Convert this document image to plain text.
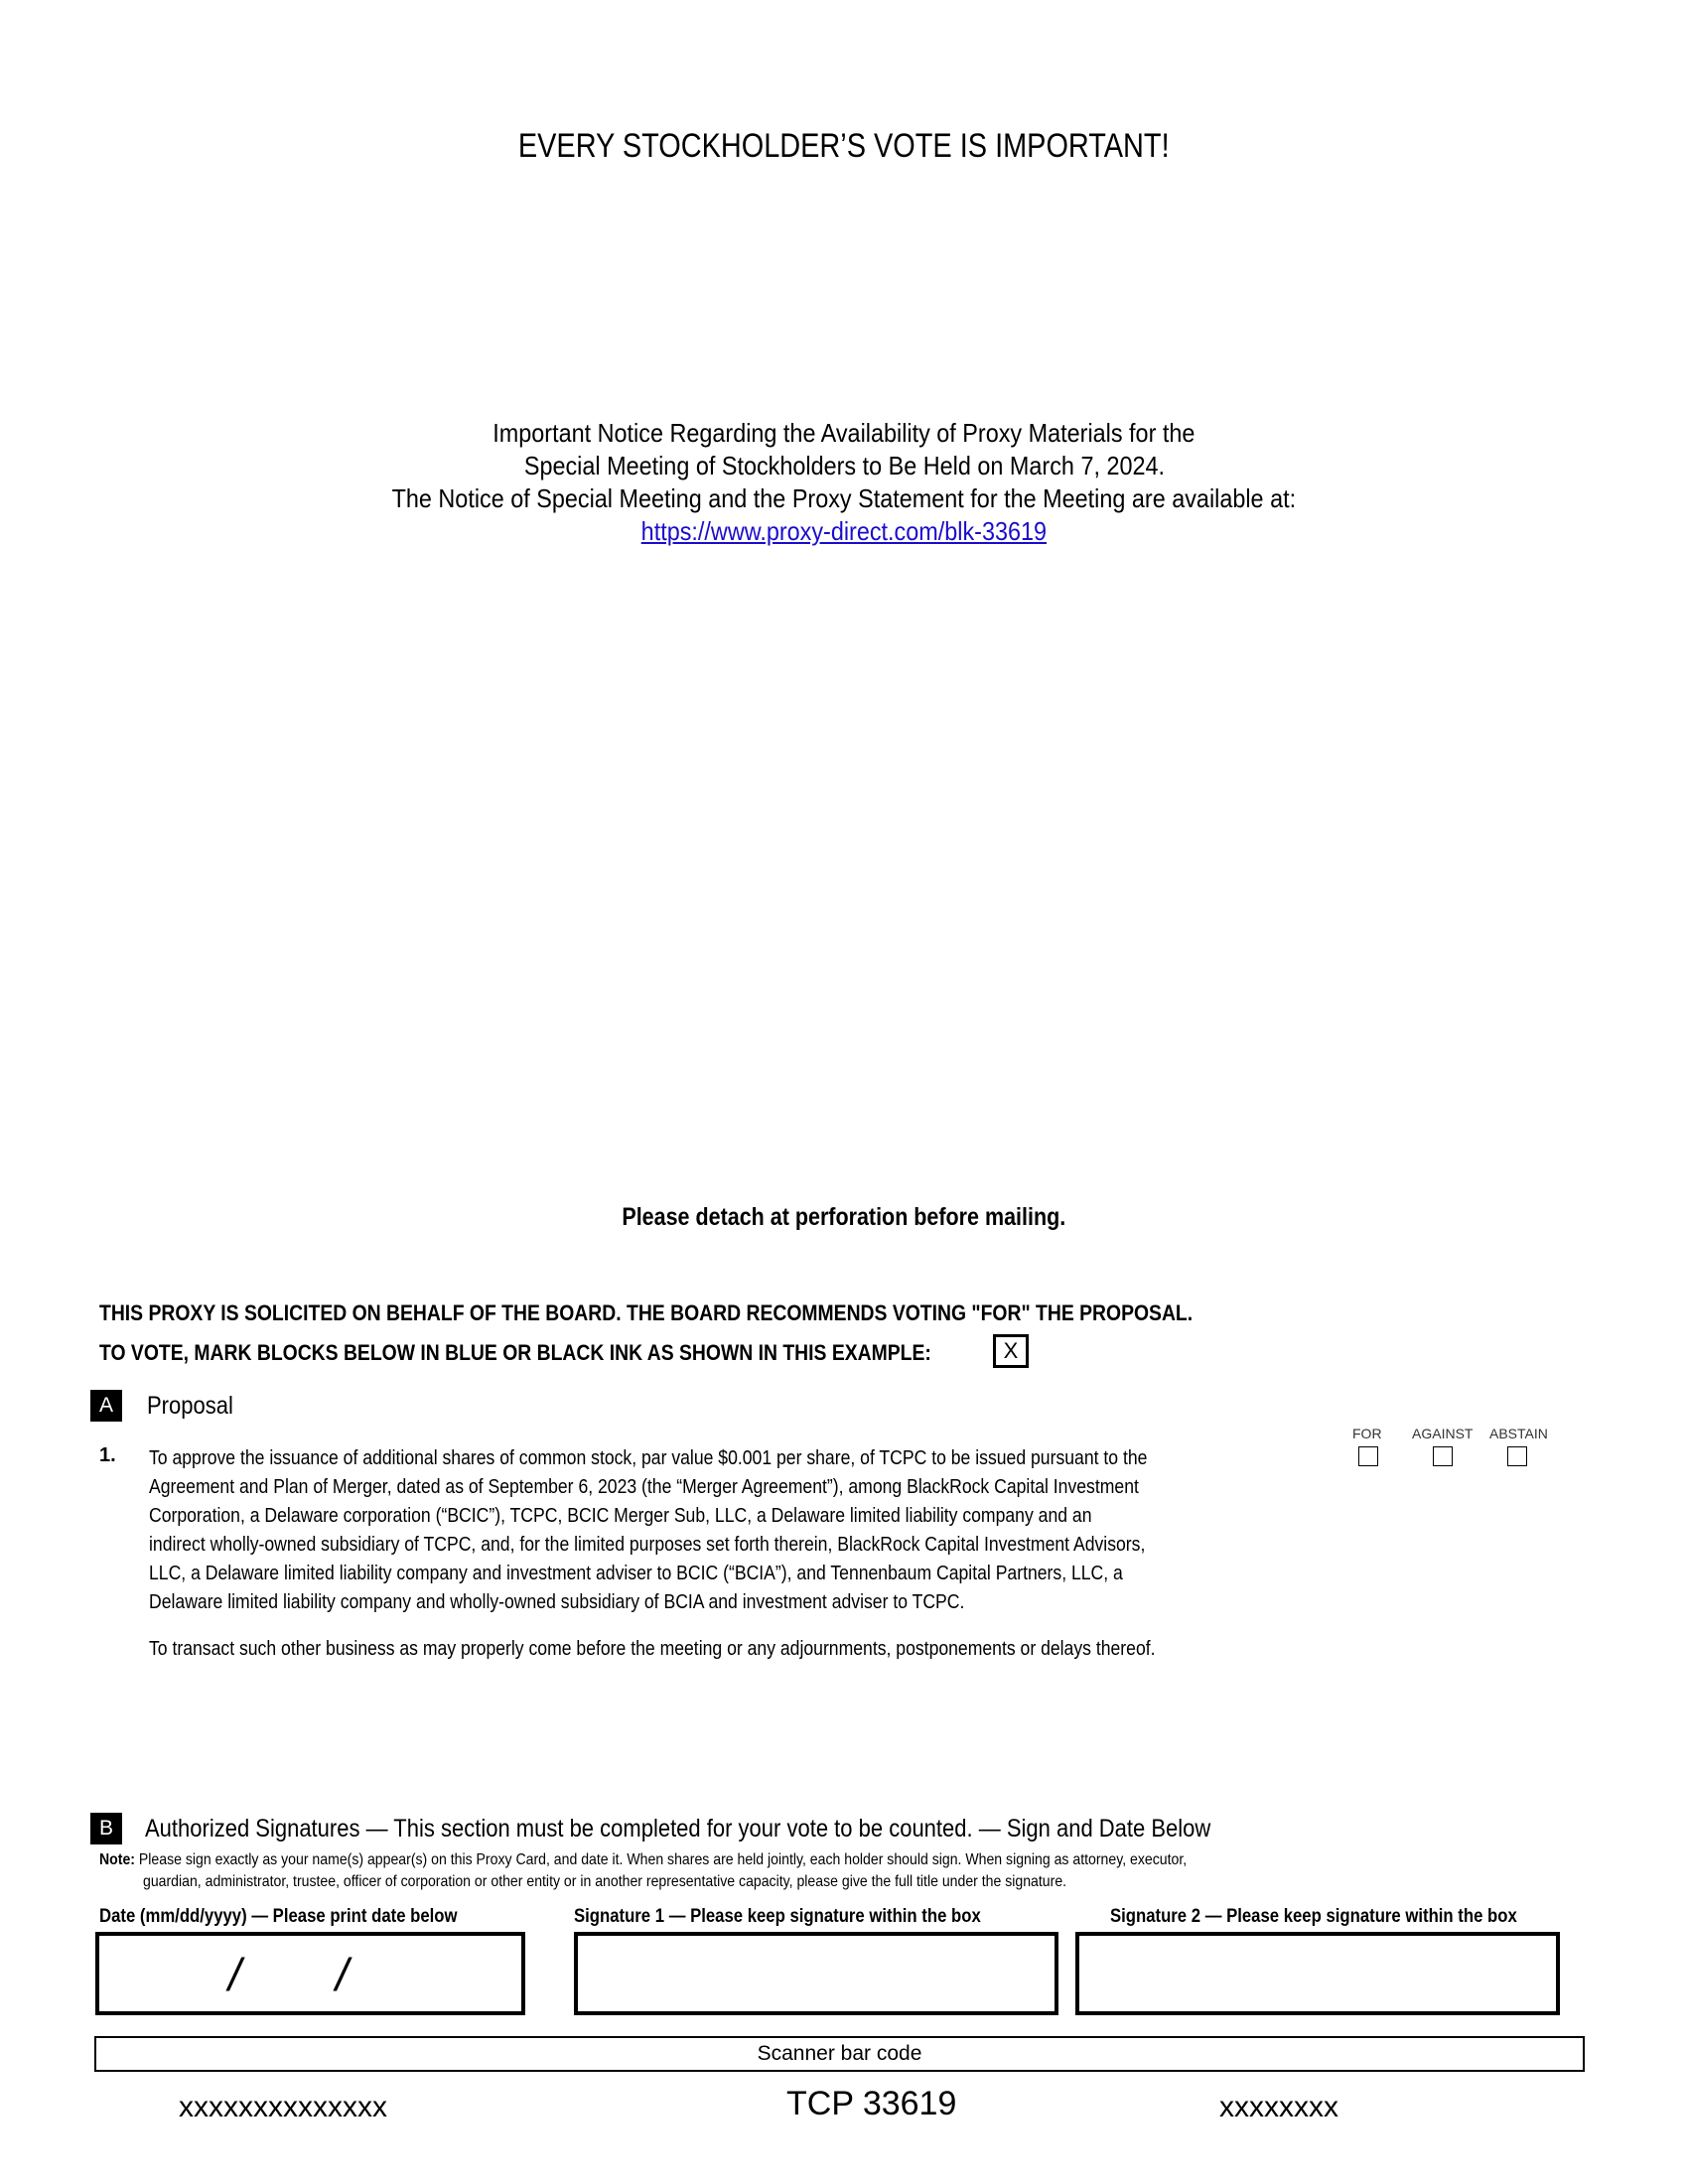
EVERY STOCKHOLDER’S VOTE IS IMPORTANT!
Important Notice Regarding the Availability of Proxy Materials for the
Special Meeting of Stockholders to Be Held on March 7, 2024.
The Notice of Special Meeting and the Proxy Statement for the Meeting are available at:
https://www.proxy-direct.com/blk-33619
Please detach at perforation before mailing.
THIS PROXY IS SOLICITED ON BEHALF OF THE BOARD. THE BOARD RECOMMENDS VOTING "FOR" THE PROPOSAL.
TO VOTE, MARK BLOCKS BELOW IN BLUE OR BLACK INK AS SHOWN IN THIS EXAMPLE:	X
A	Proposal
FOR AGAINST ABSTAIN
1. To approve the issuance of additional shares of common stock, par value $0.001 per share, of TCPC to be issued pursuant to the
Agreement and Plan of Merger, dated as of September 6, 2023 (the “Merger Agreement”), among BlackRock Capital Investment
Corporation, a Delaware corporation (“BCIC”), TCPC, BCIC Merger Sub, LLC, a Delaware limited liability company and an
indirect wholly-owned subsidiary of TCPC, and, for the limited purposes set forth therein, BlackRock Capital Investment Advisors,
LLC, a Delaware limited liability company and investment adviser to BCIC (“BCIA”), and Tennenbaum Capital Partners, LLC, a
Delaware limited liability company and wholly-owned subsidiary of BCIA and investment adviser to TCPC.
To transact such other business as may properly come before the meeting or any adjournments, postponements or delays thereof.
B	Authorized Signatures — This section must be completed for your vote to be counted. — Sign and Date Below
Note: Please sign exactly as your name(s) appear(s) on this Proxy Card, and date it. When shares are held jointly, each holder should sign. When signing as attorney, executor,
guardian, administrator, trustee, officer of corporation or other entity or in another representative capacity, please give the full title under the signature.
Date (mm/dd/yyyy) — Please print date below	Signature 1 — Please keep signature within the box	Signature 2 — Please keep signature within the box
/ /
Scanner bar code
xxxxxxxxxxxxxx	TCP 33619	xxxxxxxx
